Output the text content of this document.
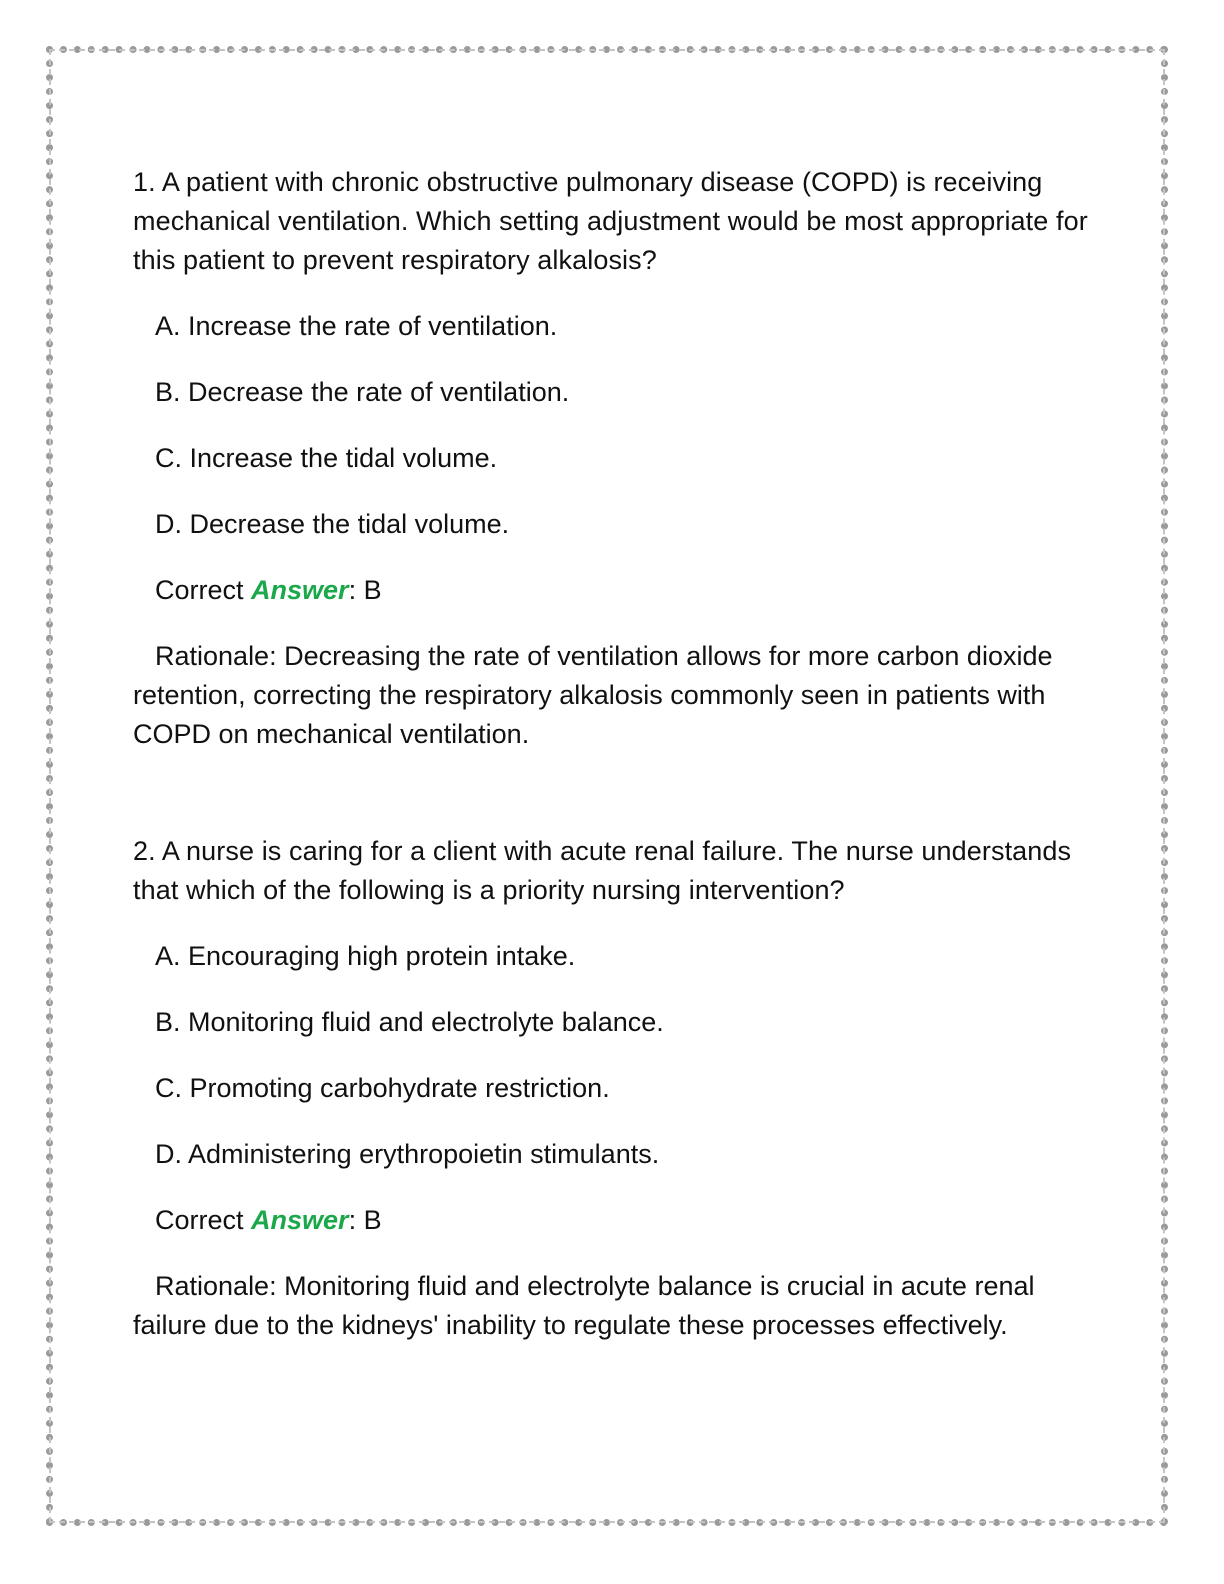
1. A patient with chronic obstructive pulmonary disease (COPD) is receiving mechanical ventilation. Which setting adjustment would be most appropriate for this patient to prevent respiratory alkalosis?

A. Increase the rate of ventilation.

B. Decrease the rate of ventilation.

C. Increase the tidal volume.

D. Decrease the tidal volume.

Correct Answer: B

Rationale: Decreasing the rate of ventilation allows for more carbon dioxide retention, correcting the respiratory alkalosis commonly seen in patients with COPD on mechanical ventilation.

2. A nurse is caring for a client with acute renal failure. The nurse understands that which of the following is a priority nursing intervention?

A. Encouraging high protein intake.

B. Monitoring fluid and electrolyte balance.

C. Promoting carbohydrate restriction.

D. Administering erythropoietin stimulants.

Correct Answer: B

Rationale: Monitoring fluid and electrolyte balance is crucial in acute renal failure due to the kidneys' inability to regulate these processes effectively.
